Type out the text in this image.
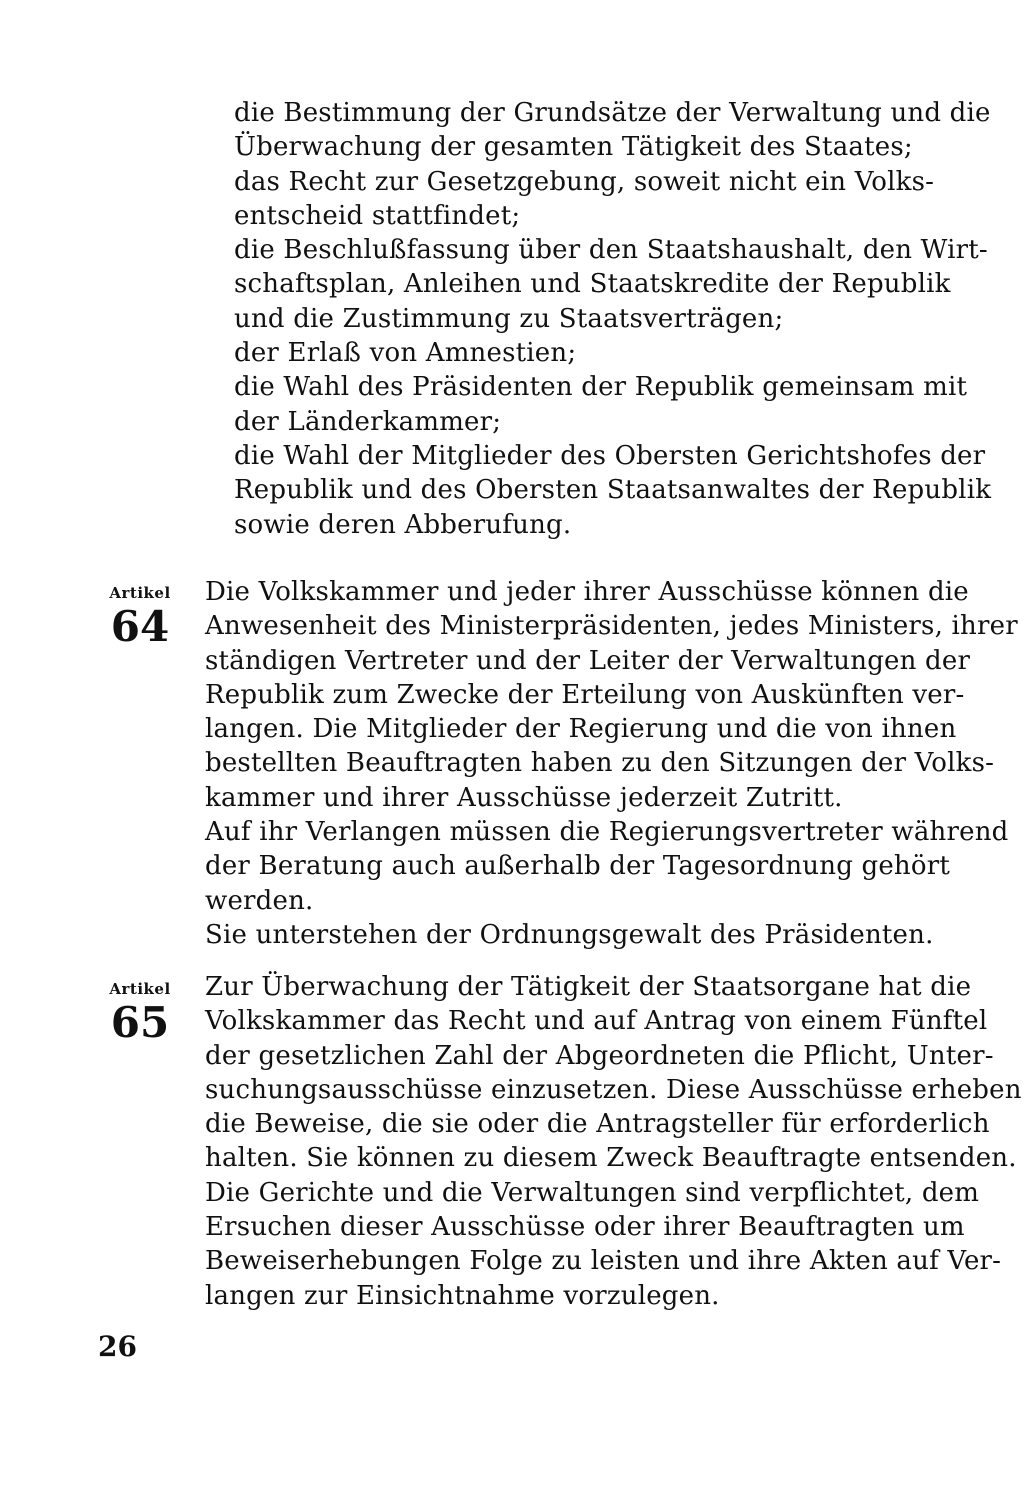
die Bestimmung der Grundsätze der Verwaltung und die
Überwachung der gesamten Tätigkeit des Staates;
das Recht zur Gesetzgebung, soweit nicht ein Volks-
entscheid stattfindet;
die Beschlußfassung über den Staatshaushalt, den Wirt-
schaftsplan, Anleihen und Staatskredite der Republik
und die Zustimmung zu Staatsverträgen;
der Erlaß von Amnestien;
die Wahl des Präsidenten der Republik gemeinsam mit
der Länderkammer;
die Wahl der Mitglieder des Obersten Gerichtshofes der
Republik und des Obersten Staatsanwaltes der Republik
sowie deren Abberufung.
Artikel
64
Die Volkskammer und jeder ihrer Ausschüsse können die
Anwesenheit des Ministerpräsidenten, jedes Ministers, ihrer
ständigen Vertreter und der Leiter der Verwaltungen der
Republik zum Zwecke der Erteilung von Auskünften ver-
langen. Die Mitglieder der Regierung und die von ihnen
bestellten Beauftragten haben zu den Sitzungen der Volks-
kammer und ihrer Ausschüsse jederzeit Zutritt.
Auf ihr Verlangen müssen die Regierungsvertreter während
der Beratung auch außerhalb der Tagesordnung gehört
werden.
Sie unterstehen der Ordnungsgewalt des Präsidenten.
Artikel
65
Zur Überwachung der Tätigkeit der Staatsorgane hat die
Volkskammer das Recht und auf Antrag von einem Fünftel
der gesetzlichen Zahl der Abgeordneten die Pflicht, Unter-
suchungsausschüsse einzusetzen. Diese Ausschüsse erheben
die Beweise, die sie oder die Antragsteller für erforderlich
halten. Sie können zu diesem Zweck Beauftragte entsenden.
Die Gerichte und die Verwaltungen sind verpflichtet, dem
Ersuchen dieser Ausschüsse oder ihrer Beauftragten um
Beweiserhebungen Folge zu leisten und ihre Akten auf Ver-
langen zur Einsichtnahme vorzulegen.
26
